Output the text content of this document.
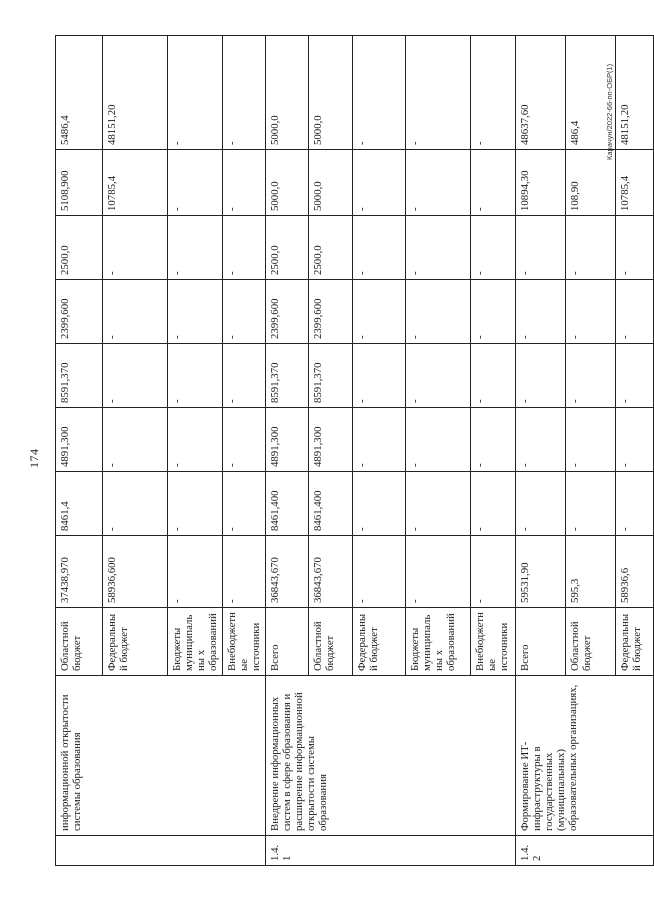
174
	информационной открытости системы образования	Областной бюджет	37438,970	8461,4	4891,300	8591,370	2399,600	2500,0	5108,900	5486,4
		Федеральный бюджет	58936,600	-	-	-	-	-	10785,4	48151,20
		Бюджеты муниципальны х образований	-	-	-	-	-	-	-	-
		Внебюджетные источники	-	-	-	-	-	-	-	-
1.4.1	Внедрение информационных систем в сфере образования и расширение информационной открытости системы образования	Всего	36843,670	8461,400	4891,300	8591,370	2399,600	2500,0	5000,0	5000,0
		Областной бюджет	36843,670	8461,400	4891,300	8591,370	2399,600	2500,0	5000,0	5000,0
		Федеральный бюджет	-	-	-	-	-	-	-	-
		Бюджеты муниципальны х образований	-	-	-	-	-	-	-	-
		Внебюджетные источники	-	-	-	-	-	-	-	-
1.4.2	Формирование ИТ-инфраструктуры в государственных (муниципальных) образовательных организациях,	Всего	59531,90	-	-	-	-	-	10894,30	48637,60
		Областной бюджет	595,3	-	-	-	-	-	108,90	486,4
		Федеральный бюджет	58936,6	-	-	-	-	-	10785,4	48151,20
Карачун/2022-66-пп-ОБР(1)
